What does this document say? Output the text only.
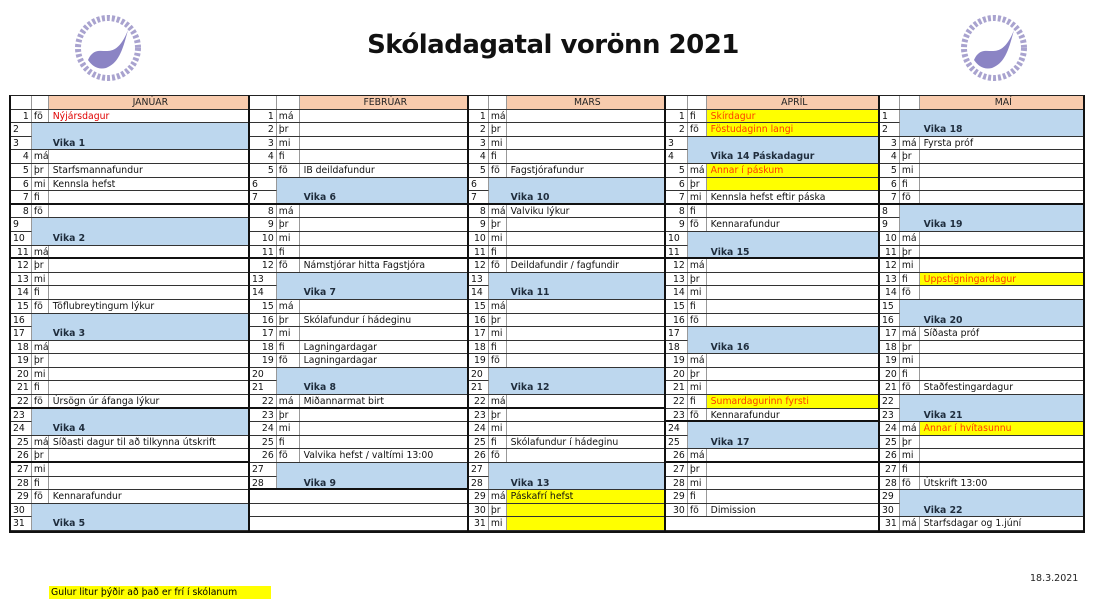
Skóladagatal vorönn 2021
JANÚAR
1 fö	Nýjársdagur
2
3	Vika 1
4 má
5 þr Starfsmannafundur
6 mi Kennsla hefst
7 fi
8 fö
9
10	Vika 2
11 má
12 þr
13 mi
14 fi
15 fö	Töflubreytingum lýkur
16
17	Vika 3
18 má
19 þr
20 mi
21 fi
22 fö	Úrsögn úr áfanga lýkur
23
24	Vika 4
25 má Síðasti dagur til að tilkynna útskrift
26 þr
27 mi
28 fi
29 fö	Kennarafundur
30
31	Vika 5
FEBRÚAR
1 má
2 þr
3 mi
4 fi
5 fö	IB deildafundur
6
7	Vika 6
8 má
9 þr
10 mi
11 fi
12 fö	Námstjórar hitta Fagstjóra
13
14	Vika 7
15 má
16 þr	Skólafundur í hádeginu
17 mi
18 fi	Lagningardagar
19 fö	Lagningardagar
20
21	Vika 8
22 má	Miðannarmat birt
23 þr
24 mi
25 fi
26 fö	Valvika hefst / valtími 13:00
27
28	Vika 9
MARS
1 má
2 þr
3 mi
4 fi
5 fö	Fagstjórafundur
6
7	Vika 10
8 má Valviku lýkur
9 þr
10 mi
11 fi
12 fö	Deildafundir / fagfundir
13
14	Vika 11
15 má
16 þr
17 mi
18 fi
19 fö
20
21	Vika 12
22 má
23 þr
24 mi
25 fi	Skólafundur í hádeginu
26 fö
27
28	Vika 13
29 má Páskafrí hefst
30 þr
31 mi
APRÍL
1 fi	Skírdagur
2 fö	Föstudaginn langi
3
4	Vika 14 Páskadagur
5 má Annar í páskum
6 þr
7 mi Kennsla hefst eftir páska
8 fi
9 fö	Kennarafundur
10
11	Vika 15
12 má
13 þr
14 mi
15 fi
16 fö
17
18	Vika 16
19 má
20 þr
21 mi
22 fi	Sumardagurinn fyrsti
23 fö	Kennarafundur
24
25	Vika 17
26 má
27 þr
28 mi
29 fi
30 fö	Dimission
MAÍ
1
2	Vika 18
3 má Fyrsta próf
4 þr
5 mi
6 fi
7 fö
8
9	Vika 19
10 má
11 þr
12 mi
13 fi	Uppstigningardagur
14 fö
15
16	Vika 20
17 má Síðasta próf
18 þr
19 mi
20 fi
21 fö	Staðfestingardagur
22
23	Vika 21
24 má Annar í hvítasunnu
25 þr
26 mi
27 fi
28 fö	Útskrift 13:00
29
30	Vika 22
31 má Starfsdagar og 1.júní
Gulur litur þýðir að það er frí í skólanum
18.3.2021
